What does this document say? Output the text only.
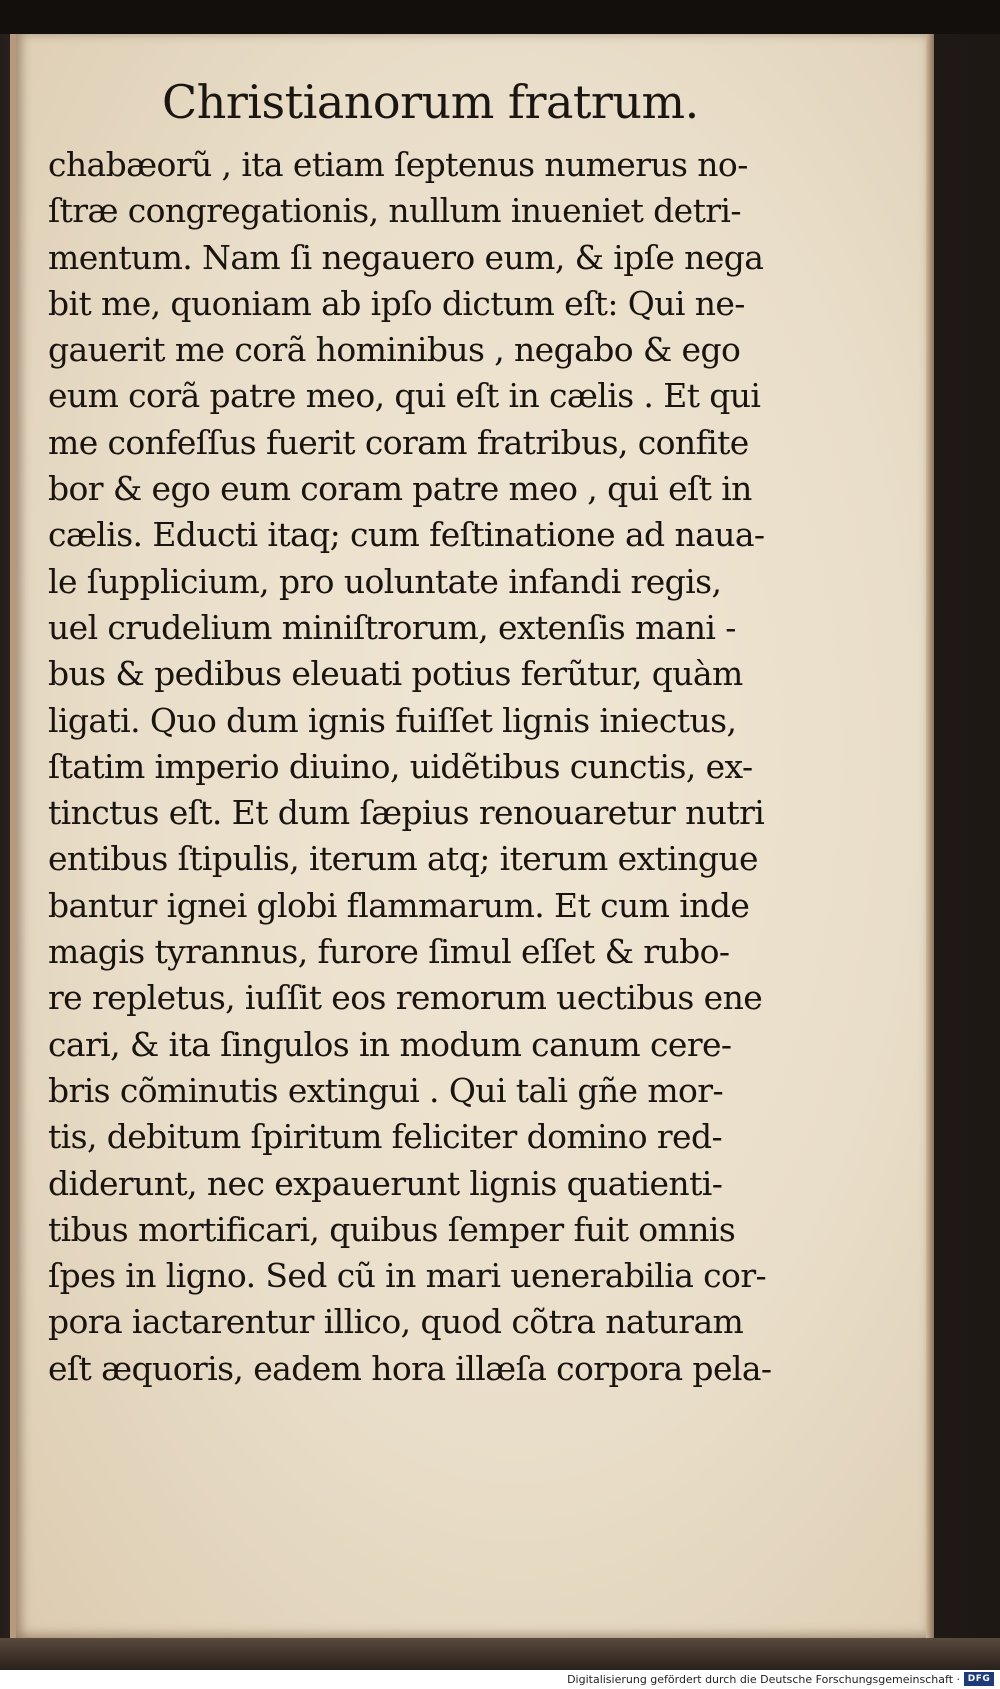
Christianorum fratrum.
chabæorũ , ita etiam ſeptenus numerus no-
ſtræ congregationis, nullum inueniet detri-
mentum. Nam ſi negauero eum, & ipſe nega
bit me, quoniam ab ipſo dictum eſt: Qui ne-
gauerit me corã hominibus , negabo & ego
eum corã patre meo, qui eſt in cælis . Et qui
me confeſſus fuerit coram fratribus, confite
bor & ego eum coram patre meo , qui eſt in
cælis. Educti itaq; cum feſtinatione ad naua-
le ſupplicium, pro uoluntate infandi regis,
uel crudelium miniſtrorum, extenſis mani -
bus & pedibus eleuati potius ferũtur, quàm
ligati. Quo dum ignis fuiſſet lignis iniectus,
ſtatim imperio diuino, uidẽtibus cunctis, ex-
tinctus eſt. Et dum ſæpius renouaretur nutri
entibus ſtipulis, iterum atq; iterum extingue
bantur ignei globi flammarum. Et cum inde
magis tyrannus, furore ſimul eſſet & rubo-
re repletus, iuſſit eos remorum uectibus ene
cari, & ita ſingulos in modum canum cere-
bris cõminutis extingui . Qui tali gñe mor-
tis, debitum ſpiritum feliciter domino red-
diderunt, nec expauerunt lignis quatienti-
tibus mortificari, quibus ſemper fuit omnis
ſpes in ligno. Sed cũ in mari uenerabilia cor-
pora iactarentur illico, quod cõtra naturam
eſt æquoris, eadem hora illæſa corpora pela-
Digitalisierung gefördert durch die Deutsche Forschungsgemeinschaft · DFG
